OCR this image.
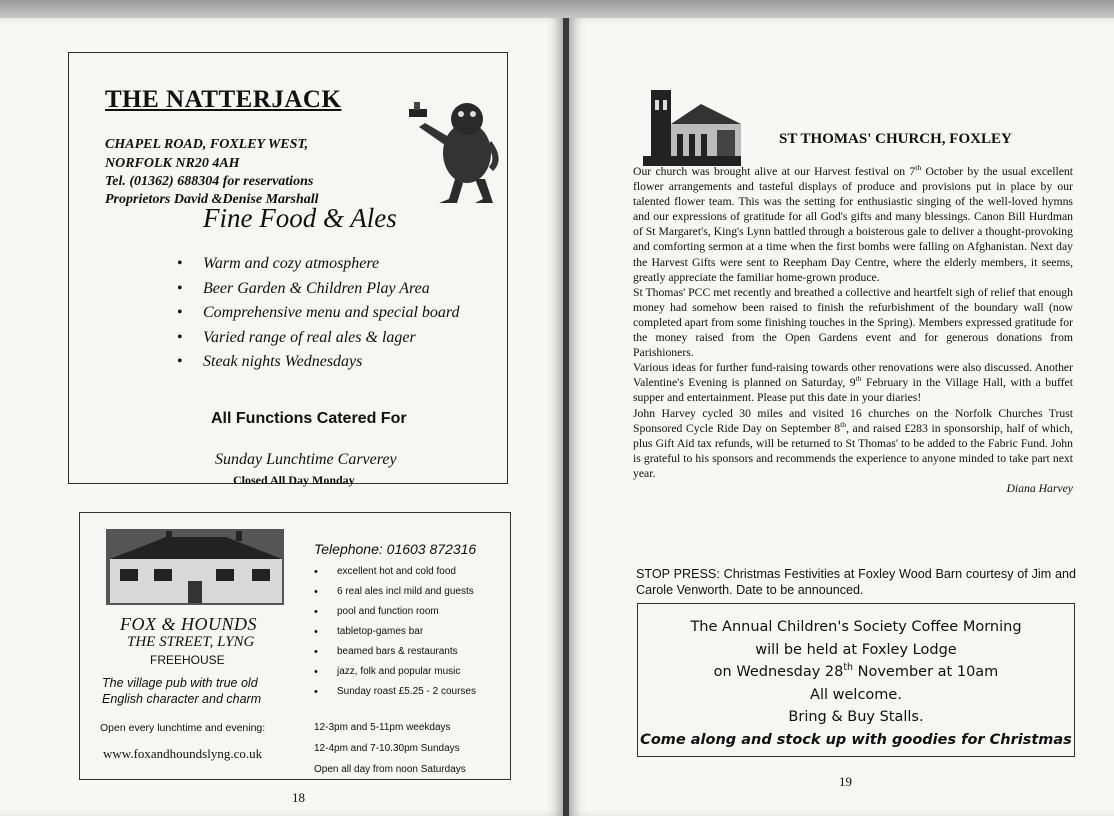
THE NATTERJACK
CHAPEL ROAD, FOXLEY WEST,
NORFOLK NR20 4AH
Tel. (01362) 688304 for reservations
Proprietors David &Denise Marshall
Fine Food & Ales
• Warm and cozy atmosphere
• Beer Garden & Children Play Area
• Comprehensive menu and special board
• Varied range of real ales & lager
• Steak nights Wednesdays
All Functions Catered For
Sunday Lunchtime Carverey
Closed All Day Monday
FOX & HOUNDS
THE STREET, LYNG
FREEHOUSE
The village pub with true old
English character and charm
Open every lunchtime and evening:
www.foxandhoundslyng.co.uk
Telephone: 01603 872316
• excellent hot and cold food
• 6 real ales incl mild and guests
• pool and function room
• tabletop-games bar
• beamed bars & restaurants
• jazz, folk and popular music
• Sunday roast £5.25 - 2 courses
12-3pm and 5-11pm weekdays
12-4pm and 7-10.30pm Sundays
Open all day from noon Saturdays
18
ST THOMAS' CHURCH, FOXLEY

Our church was brought alive at our Harvest festival on 7th October by the usual excellent flower arrangements and tasteful displays of produce and provisions put in place by our talented flower team. This was the setting for enthusiastic singing of the well-loved hymns and our expressions of gratitude for all God's gifts and many blessings. Canon Bill Hurdman of St Margaret's, King's Lynn battled through a boisterous gale to deliver a thought-provoking and comforting sermon at a time when the first bombs were falling on Afghanistan. Next day the Harvest Gifts were sent to Reepham Day Centre, where the elderly members, it seems, greatly appreciate the familiar home-grown produce.

St Thomas' PCC met recently and breathed a collective and heartfelt sigh of relief that enough money had somehow been raised to finish the refurbishment of the boundary wall (now completed apart from some finishing touches in the Spring). Members expressed gratitude for the money raised from the Open Gardens event and for generous donations from Parishioners.

Various ideas for further fund-raising towards other renovations were also discussed. Another Valentine's Evening is planned on Saturday, 9th February in the Village Hall, with a buffet supper and entertainment. Please put this date in your diaries!

John Harvey cycled 30 miles and visited 16 churches on the Norfolk Churches Trust Sponsored Cycle Ride Day on September 8th, and raised £283 in sponsorship, half of which, plus Gift Aid tax refunds, will be returned to St Thomas' to be added to the Fabric Fund. John is grateful to his sponsors and recommends the experience to anyone minded to take part next year.

Diana Harvey

STOP PRESS: Christmas Festivities at Foxley Wood Barn courtesy of Jim and Carole Venworth. Date to be announced.
The Annual Children's Society Coffee Morning
will be held at Foxley Lodge
on Wednesday 28th November at 10am
All welcome.
Bring & Buy Stalls.
Come along and stock up with goodies for Christmas
19
